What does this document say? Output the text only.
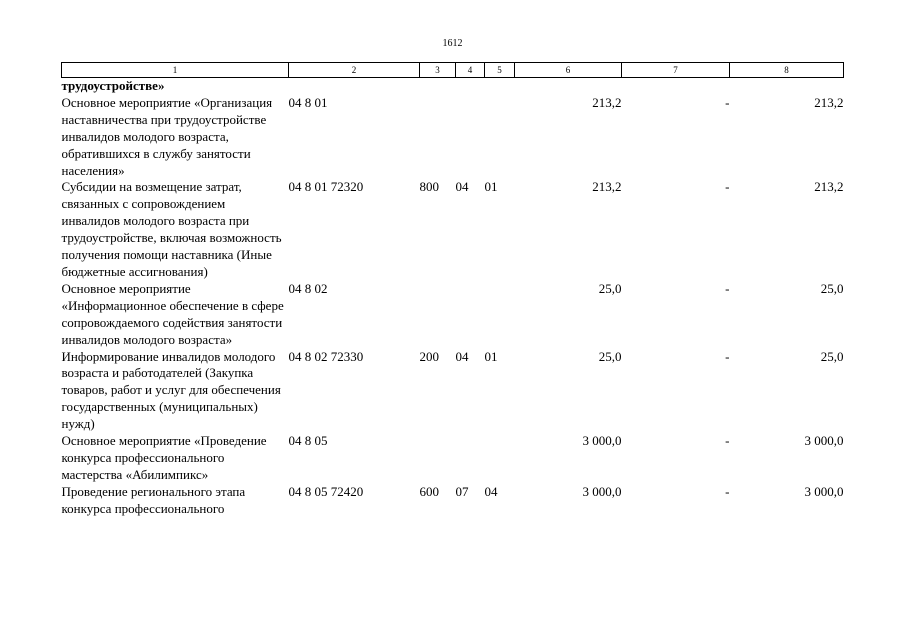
1612
1	2	3	4	5	6	7	8
трудоустройстве»							
Основное мероприятие «Организация наставничества при трудоустройстве инвалидов молодого возраста, обратившихся в службу занятости населения»	04 8 01				213,2	-	213,2
Субсидии на возмещение затрат, связанных с сопровождением инвалидов молодого возраста при трудоустройстве, включая возможность получения помощи наставника (Иные бюджетные ассигнования)	04 8 01 72320	800	04	01	213,2	-	213,2
Основное мероприятие «Информационное обеспечение в сфере сопровождаемого содействия занятости инвалидов молодого возраста»	04 8 02				25,0	-	25,0
Информирование инвалидов молодого возраста и работодателей (Закупка товаров, работ и услуг для обеспечения государственных (муниципальных) нужд)	04 8 02 72330	200	04	01	25,0	-	25,0
Основное мероприятие «Проведение конкурса профессионального мастерства «Абилимпикс»	04 8 05				3 000,0	-	3 000,0
Проведение регионального этапа конкурса профессионального	04 8 05 72420	600	07	04	3 000,0	-	3 000,0
